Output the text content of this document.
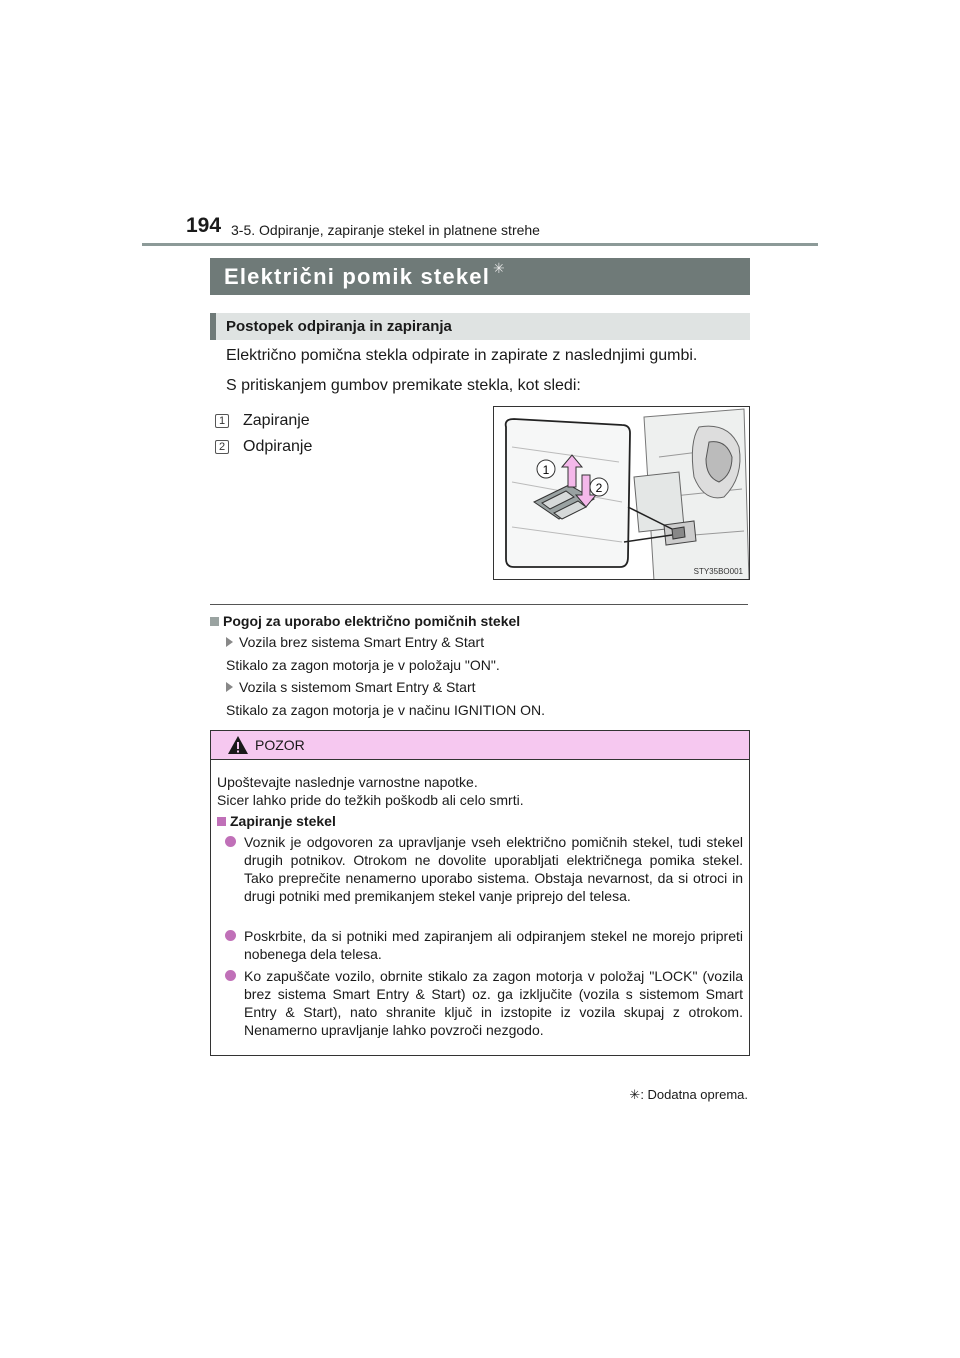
194 3-5. Odpiranje, zapiranje stekel in platnene strehe
Električni pomik stekel ✳
Postopek odpiranja in zapiranja
Električno pomična stekla odpirate in zapirate z naslednjimi gumbi.
S pritiskanjem gumbov premikate stekla, kot sledi:
1 Zapiranje
2 Odpiranje
1
2
STY35BO001
Pogoj za uporabo električno pomičnih stekel
Vozila brez sistema Smart Entry & Start
Stikalo za zagon motorja je v položaju "ON".
Vozila s sistemom Smart Entry & Start
Stikalo za zagon motorja je v načinu IGNITION ON.
POZOR
Upoštevajte naslednje varnostne napotke.
Sicer lahko pride do težkih poškodb ali celo smrti.
Zapiranje stekel
Voznik je odgovoren za upravljanje vseh električno pomičnih stekel, tudi stekel drugih potnikov. Otrokom ne dovolite uporabljati električnega pomika stekel. Tako preprečite nenamerno uporabo sistema. Obstaja nevarnost, da si otroci in drugi potniki med premikanjem stekel vanje priprejo del telesa.
Poskrbite, da si potniki med zapiranjem ali odpiranjem stekel ne morejo pripreti nobenega dela telesa.
Ko zapuščate vozilo, obrnite stikalo za zagon motorja v položaj "LOCK" (vozila brez sistema Smart Entry & Start) oz. ga izključite (vozila s sistemom Smart Entry & Start), nato shranite ključ in izstopite iz vozila skupaj z otrokom. Nenamerno upravljanje lahko povzroči nezgodo.
✳: Dodatna oprema.
